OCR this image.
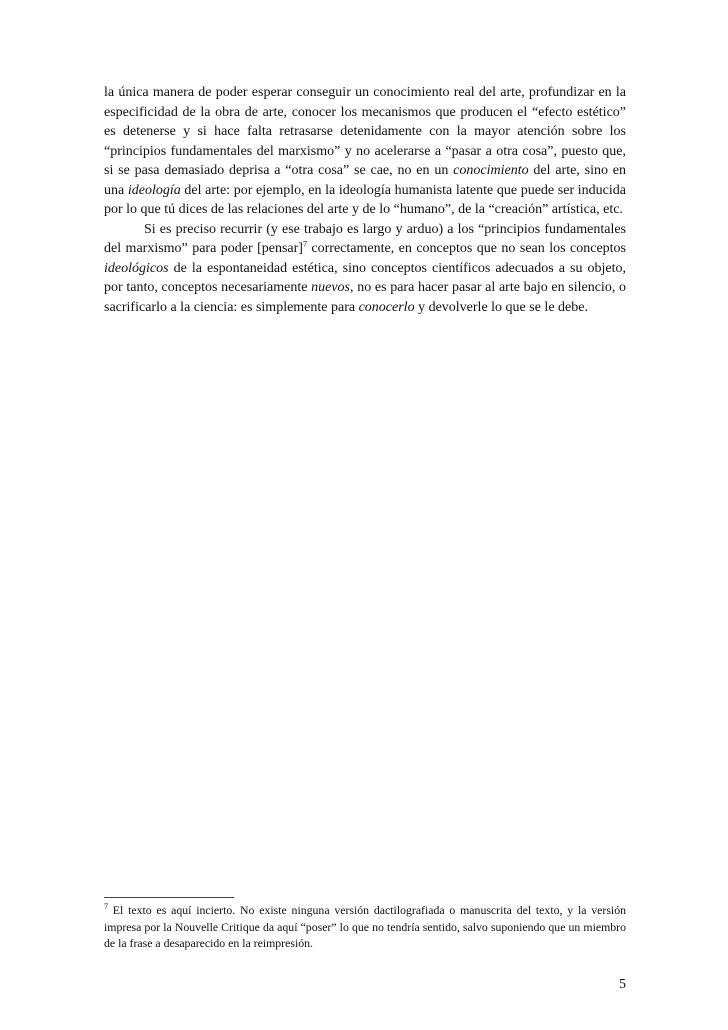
la única manera de poder esperar conseguir un conocimiento real del arte, profundizar en la especificidad de la obra de arte, conocer los mecanismos que producen el “efecto estético” es detenerse y si hace falta retrasarse detenidamente con la mayor atención sobre los “principios fundamentales del marxismo” y no acelerarse a “pasar a otra cosa”, puesto que, si se pasa demasiado deprisa a “otra cosa” se cae, no en un conocimiento del arte, sino en una ideología del arte: por ejemplo, en la ideología humanista latente que puede ser inducida por lo que tú dices de las relaciones del arte y de lo “humano”, de la “creación” artística, etc.

Si es preciso recurrir (y ese trabajo es largo y arduo) a los “principios fundamentales del marxismo” para poder [pensar]$^7$ correctamente, en conceptos que no sean los conceptos ideológicos de la espontaneidad estética, sino conceptos científicos adecuados a su objeto, por tanto, conceptos necesariamente nuevos, no es para hacer pasar al arte bajo en silencio, o sacrificarlo a la ciencia: es simplemente para conocerlo y devolverle lo que se le debe.

$^7$ El texto es aquí incierto. No existe ninguna versión dactilografiada o manuscrita del texto, y la versión impresa por la Nouvelle Critique da aquí “poser” lo que no tendría sentido, salvo suponiendo que un miembro de la frase a desaparecido en la reimpresión.

5
